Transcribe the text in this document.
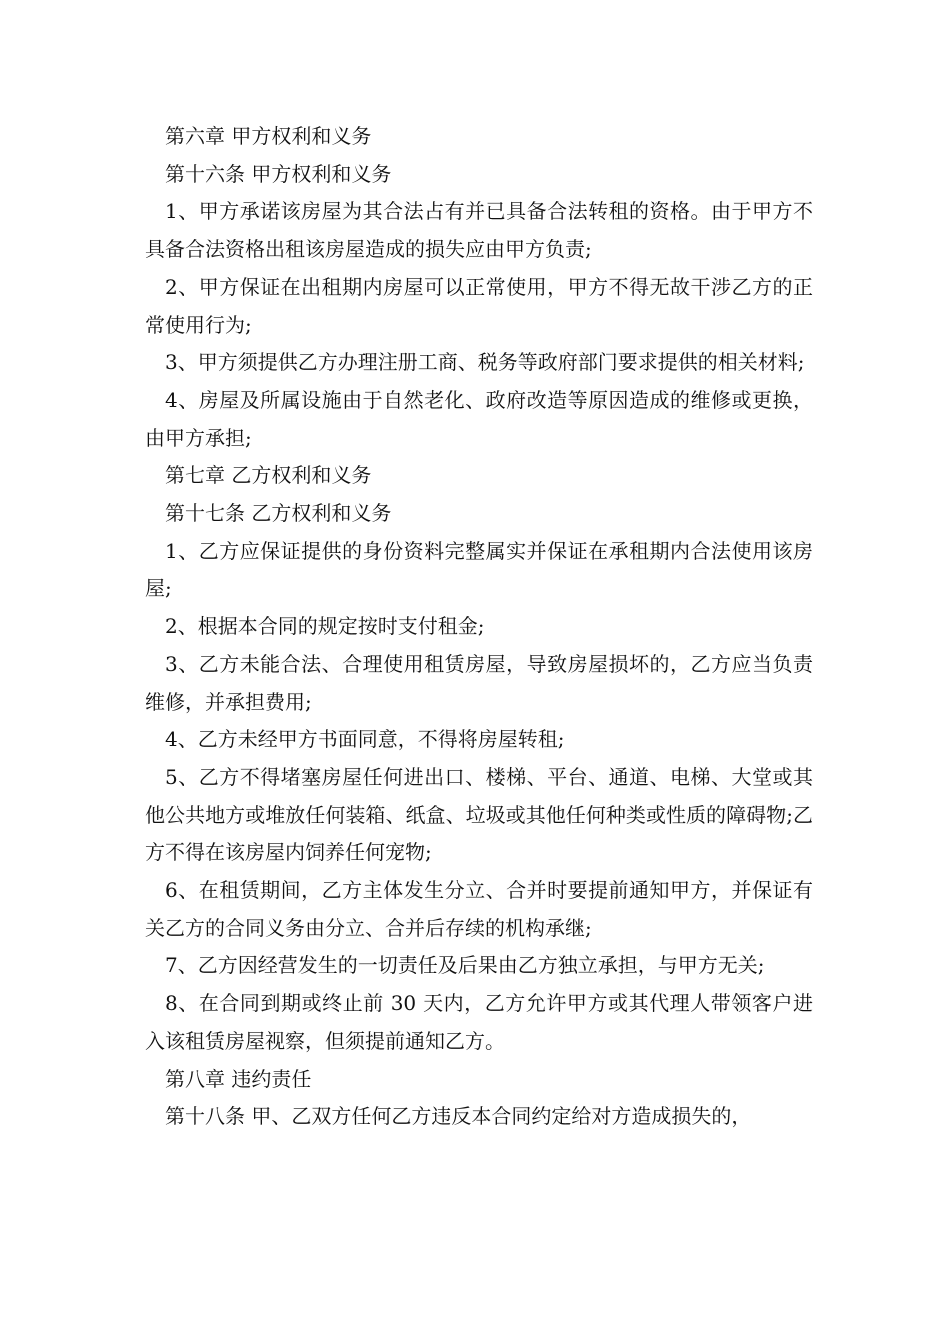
第六章 甲方权利和义务

第十六条 甲方权利和义务

1、甲方承诺该房屋为其合法占有并已具备合法转租的资格。由于甲方不具备合法资格出租该房屋造成的损失应由甲方负责;

2、甲方保证在出租期内房屋可以正常使用，甲方不得无故干涉乙方的正常使用行为;

3、甲方须提供乙方办理注册工商、税务等政府部门要求提供的相关材料;

4、房屋及所属设施由于自然老化、政府改造等原因造成的维修或更换，由甲方承担;

第七章 乙方权利和义务

第十七条 乙方权利和义务

1、乙方应保证提供的身份资料完整属实并保证在承租期内合法使用该房屋;

2、根据本合同的规定按时支付租金;

3、乙方未能合法、合理使用租赁房屋，导致房屋损坏的，乙方应当负责维修，并承担费用;

4、乙方未经甲方书面同意，不得将房屋转租;

5、乙方不得堵塞房屋任何进出口、楼梯、平台、通道、电梯、大堂或其他公共地方或堆放任何装箱、纸盒、垃圾或其他任何种类或性质的障碍物;乙方不得在该房屋内饲养任何宠物;

6、在租赁期间，乙方主体发生分立、合并时要提前通知甲方，并保证有关乙方的合同义务由分立、合并后存续的机构承继;

7、乙方因经营发生的一切责任及后果由乙方独立承担，与甲方无关;

8、在合同到期或终止前 30 天内，乙方允许甲方或其代理人带领客户进入该租赁房屋视察，但须提前通知乙方。

第八章 违约责任

第十八条 甲、乙双方任何乙方违反本合同约定给对方造成损失的，
